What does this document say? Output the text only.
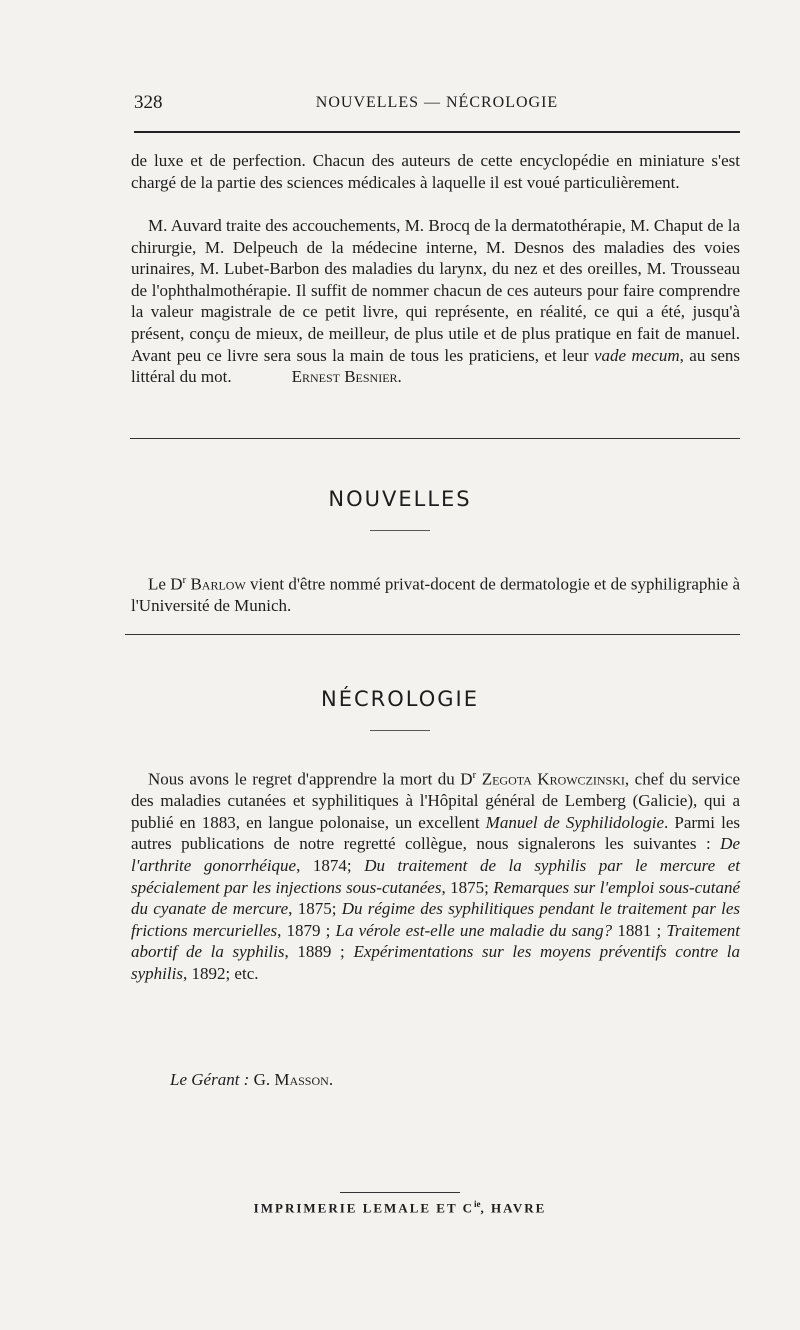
328	NOUVELLES — NÉCROLOGIE

de luxe et de perfection. Chacun des auteurs de cette encyclopédie en miniature s'est chargé de la partie des sciences médicales à laquelle il est voué particulièrement.

M. Auvard traite des accouchements, M. Brocq de la dermatothérapie, M. Chaput de la chirurgie, M. Delpeuch de la médecine interne, M. Desnos des maladies des voies urinaires, M. Lubet-Barbon des maladies du larynx, du nez et des oreilles, M. Trousseau de l'ophthalmothérapie. Il suffit de nommer chacun de ces auteurs pour faire comprendre la valeur magistrale de ce petit livre, qui représente, en réalité, ce qui a été, jusqu'à présent, conçu de mieux, de meilleur, de plus utile et de plus pratique en fait de manuel. Avant peu ce livre sera sous la main de tous les praticiens, et leur vade mecum, au sens littéral du mot.	Ernest Besnier.

NOUVELLES

Le $D^r$ Barlow vient d'être nommé privat-docent de dermatologie et de syphiligraphie à l'Université de Munich.

NÉCROLOGIE

Nous avons le regret d'apprendre la mort du $D^r$ Zegota Krowczinski, chef du service des maladies cutanées et syphilitiques à l'Hôpital général de Lemberg (Galicie), qui a publié en 1883, en langue polonaise, un excellent Manuel de Syphilidologie. Parmi les autres publications de notre regretté collègue, nous signalerons les suivantes : De l'arthrite gonorrhéique, 1874; Du traitement de la syphilis par le mercure et spécialement par les injections sous-cutanées, 1875; Remarques sur l'emploi sous-cutané du cyanate de mercure, 1875; Du régime des syphilitiques pendant le traitement par les frictions mercurielles, 1879 ; La vérole est-elle une maladie du sang? 1881 ; Traitement abortif de la syphilis, 1889 ; Expérimentations sur les moyens préventifs contre la syphilis, 1892; etc.

Le Gérant : G. Masson.
IMPRIMERIE LEMALE ET $C^{ie}$, HAVRE
